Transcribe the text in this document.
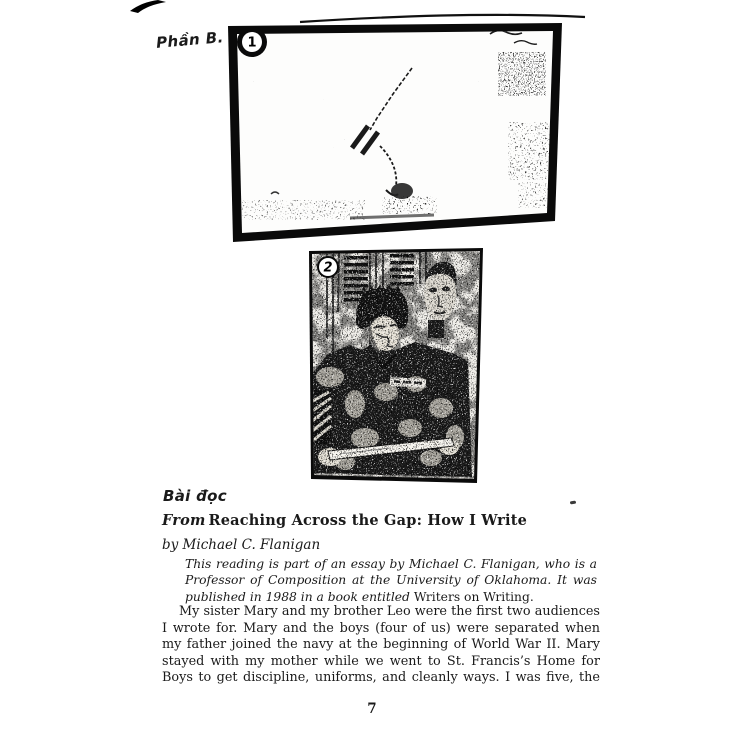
Phần B. 1
2
Bài đọc
From Reaching Across the Gap: How I Write
by Michael C. Flanigan
This reading is part of an essay by Michael C. Flanigan, who is a
Professor of Composition at the University of Oklahoma. It was
published in 1988 in a book entitled Writers on Writing.
My sister Mary and my brother Leo were the first two audiences
I wrote for. Mary and the boys (four of us) were separated when
my father joined the navy at the beginning of World War II. Mary
stayed with my mother while we went to St. Francis’s Home for
Boys to get discipline, uniforms, and cleanly ways. I was five, the
7
